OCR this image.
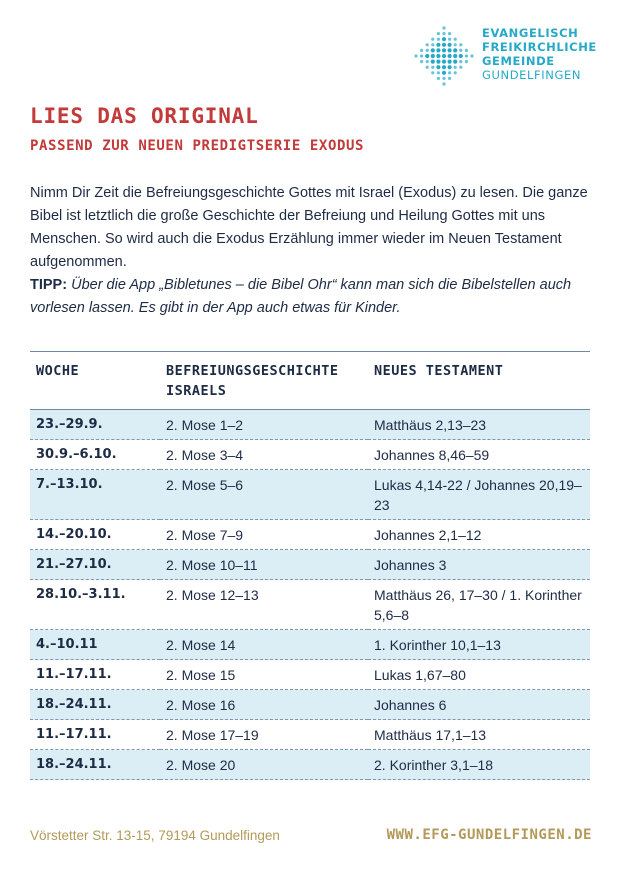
EVANGELISCH
FREIKIRCHLICHE
GEMEINDE
GUNDELFINGEN
LIES DAS ORIGINAL
PASSEND ZUR NEUEN PREDIGTSERIE EXODUS

Nimm Dir Zeit die Befreiungsgeschichte Gottes mit Israel (Exodus) zu lesen. Die ganze Bibel ist letztlich die große Geschichte der Befreiung und Heilung Gottes mit uns Menschen. So wird auch die Exodus Erzählung immer wieder im Neuen Testament aufgenommen.

TIPP: Über die App „Bibletunes – die Bibel Ohr“ kann man sich die Bibelstellen auch vorlesen lassen. Es gibt in der App auch etwas für Kinder.

WOCHE	BEFREIUNGSGESCHICHTE ISRAELS	NEUES TESTAMENT
23.–29.9.	2. Mose 1–2	Matthäus 2,13–23
30.9.–6.10.	2. Mose 3–4	Johannes 8,46–59
7.–13.10.	2. Mose 5–6	Lukas 4,14-22 / Johannes 20,19–23
14.–20.10.	2. Mose 7–9	Johannes 2,1–12
21.–27.10.	2. Mose 10–11	Johannes 3
28.10.–3.11.	2. Mose 12–13	Matthäus 26, 17–30 / 1. Korinther 5,6–8
4.–10.11	2. Mose 14	1. Korinther 10,1–13
11.–17.11.	2. Mose 15	Lukas 1,67–80
18.–24.11.	2. Mose 16	Johannes 6
11.–17.11.	2. Mose 17–19	Matthäus 17,1–13
18.–24.11.	2. Mose 20	2. Korinther 3,1–18
Vörstetter Str. 13-15, 79194 Gundelfingen	WWW.EFG-GUNDELFINGEN.DE
